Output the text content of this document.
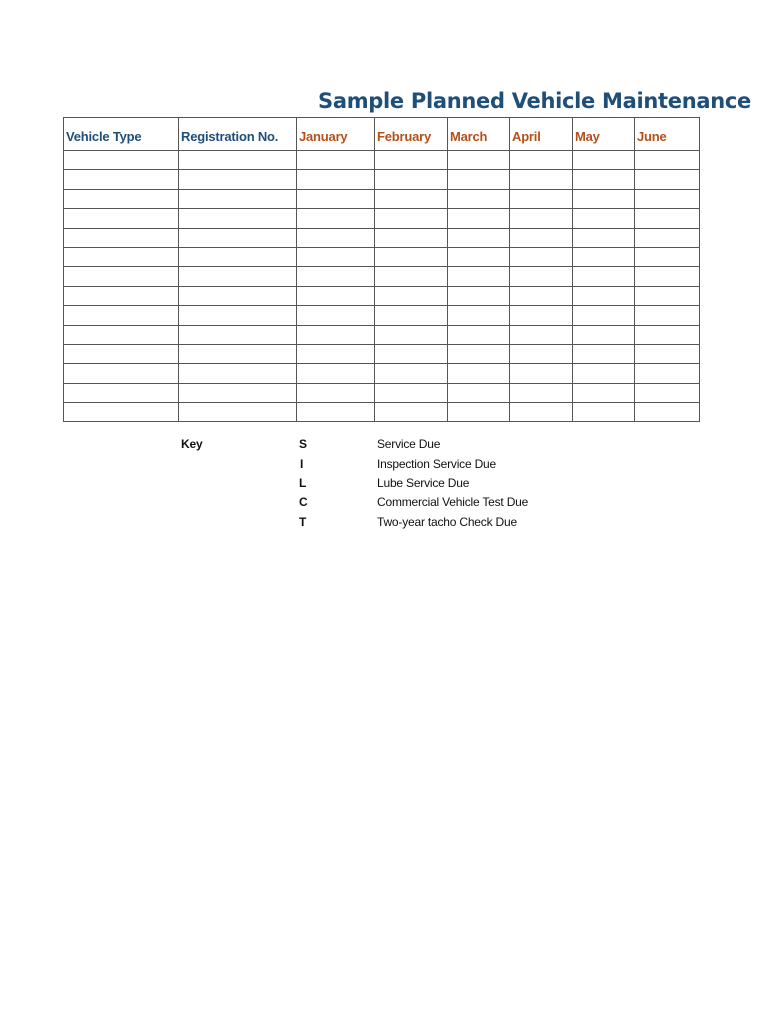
Sample Planned Vehicle Maintenance
Vehicle Type	Registration No.	January	February	March	April	May	June

Key	S	Service Due
I	Inspection Service Due
L	Lube Service Due
C	Commercial Vehicle Test Due
T	Two-year tacho Check Due
